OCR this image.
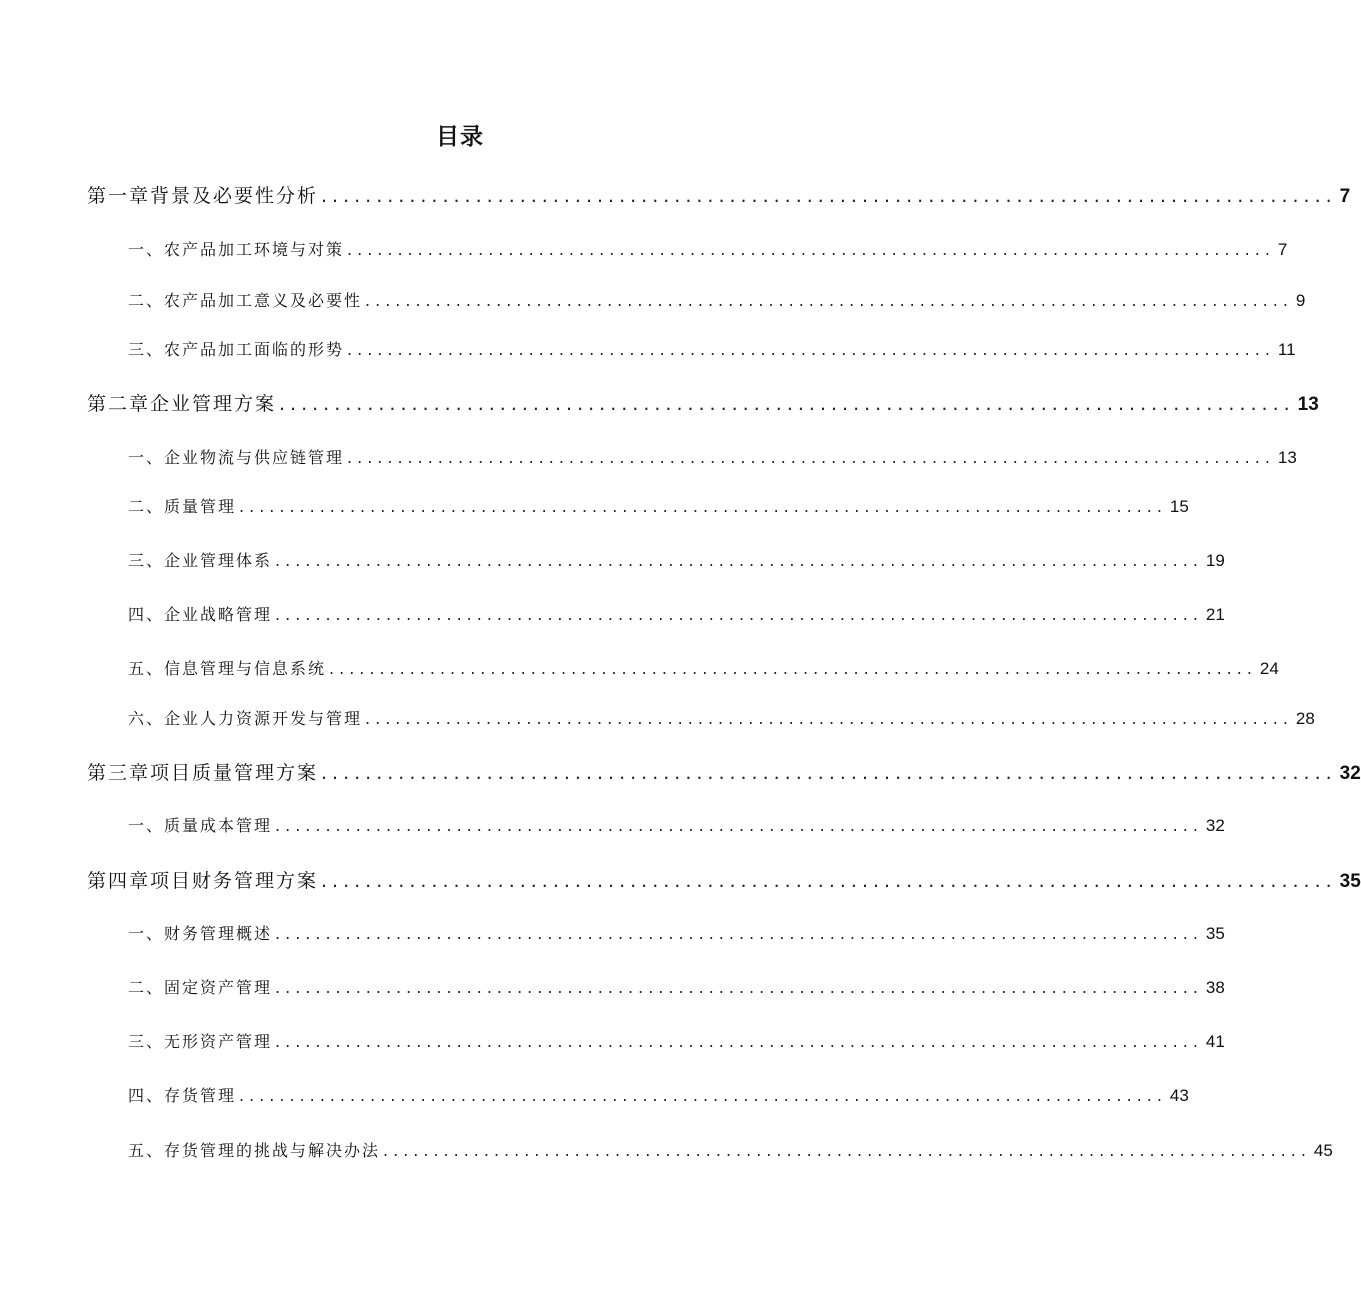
目录
第一章背景及必要性分析 ............................................................................................ 7
一、农产品加工环境与对策 ............................................................................................ 7
二、农产品加工意义及必要性 ............................................................................................ 9
三、农产品加工面临的形势 ............................................................................................ 11
第二章企业管理方案 ............................................................................................ 13
一、企业物流与供应链管理 ............................................................................................ 13
二、质量管理 ............................................................................................ 15
三、企业管理体系 ............................................................................................ 19
四、企业战略管理 ............................................................................................ 21
五、信息管理与信息系统 ............................................................................................ 24
六、企业人力资源开发与管理 ............................................................................................ 28
第三章项目质量管理方案 ............................................................................................ 32
一、质量成本管理 ............................................................................................ 32
第四章项目财务管理方案 ............................................................................................ 35
一、财务管理概述 ............................................................................................ 35
二、固定资产管理 ............................................................................................ 38
三、无形资产管理 ............................................................................................ 41
四、存货管理 ............................................................................................ 43
五、存货管理的挑战与解决办法 ............................................................................................ 45
